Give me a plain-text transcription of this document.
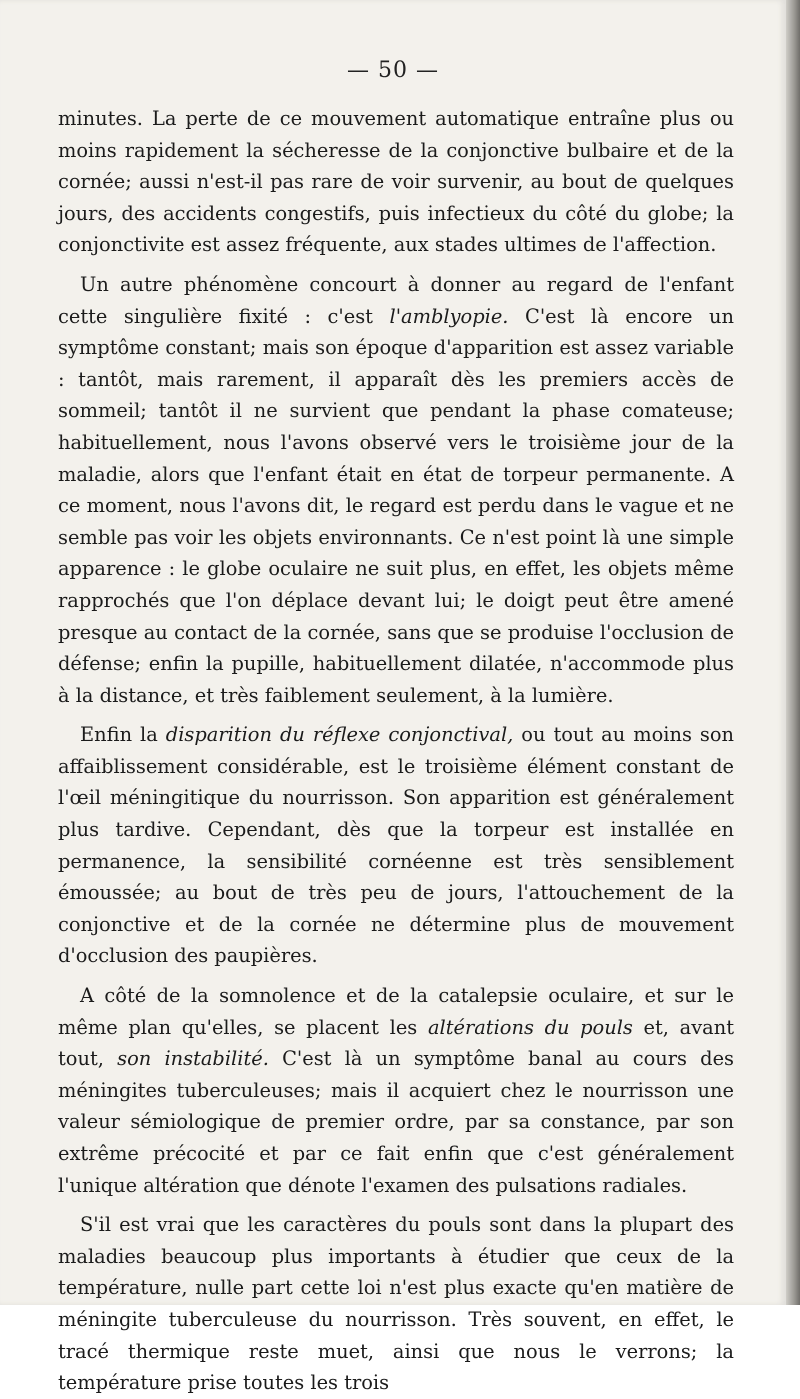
— 50 —

minutes. La perte de ce mouvement automatique entraîne plus ou moins rapidement la sécheresse de la conjonctive bulbaire et de la cornée; aussi n'est-il pas rare de voir survenir, au bout de quelques jours, des accidents congestifs, puis infectieux du côté du globe; la conjonctivite est assez fréquente, aux stades ultimes de l'affection.

Un autre phénomène concourt à donner au regard de l'enfant cette singulière fixité : c'est l'amblyopie. C'est là encore un symptôme constant; mais son époque d'apparition est assez variable : tantôt, mais rarement, il apparaît dès les premiers accès de sommeil; tantôt il ne survient que pendant la phase comateuse; habituellement, nous l'avons observé vers le troisième jour de la maladie, alors que l'enfant était en état de torpeur permanente. A ce moment, nous l'avons dit, le regard est perdu dans le vague et ne semble pas voir les objets environnants. Ce n'est point là une simple apparence : le globe oculaire ne suit plus, en effet, les objets même rapprochés que l'on déplace devant lui; le doigt peut être amené presque au contact de la cornée, sans que se produise l'occlusion de défense; enfin la pupille, habituellement dilatée, n'accommode plus à la distance, et très faiblement seulement, à la lumière.

Enfin la disparition du réflexe conjonctival, ou tout au moins son affaiblissement considérable, est le troisième élément constant de l'œil méningitique du nourrisson. Son apparition est généralement plus tardive. Cependant, dès que la torpeur est installée en permanence, la sensibilité cornéenne est très sensiblement émoussée; au bout de très peu de jours, l'attouchement de la conjonctive et de la cornée ne détermine plus de mouvement d'occlusion des paupières.

A côté de la somnolence et de la catalepsie oculaire, et sur le même plan qu'elles, se placent les altérations du pouls et, avant tout, son instabilité. C'est là un symptôme banal au cours des méningites tuberculeuses; mais il acquiert chez le nourrisson une valeur sémiologique de premier ordre, par sa constance, par son extrême précocité et par ce fait enfin que c'est généralement l'unique altération que dénote l'examen des pulsations radiales.

S'il est vrai que les caractères du pouls sont dans la plupart des maladies beaucoup plus importants à étudier que ceux de la température, nulle part cette loi n'est plus exacte qu'en matière de méningite tuberculeuse du nourrisson. Très souvent, en effet, le tracé thermique reste muet, ainsi que nous le verrons; la température prise toutes les trois
